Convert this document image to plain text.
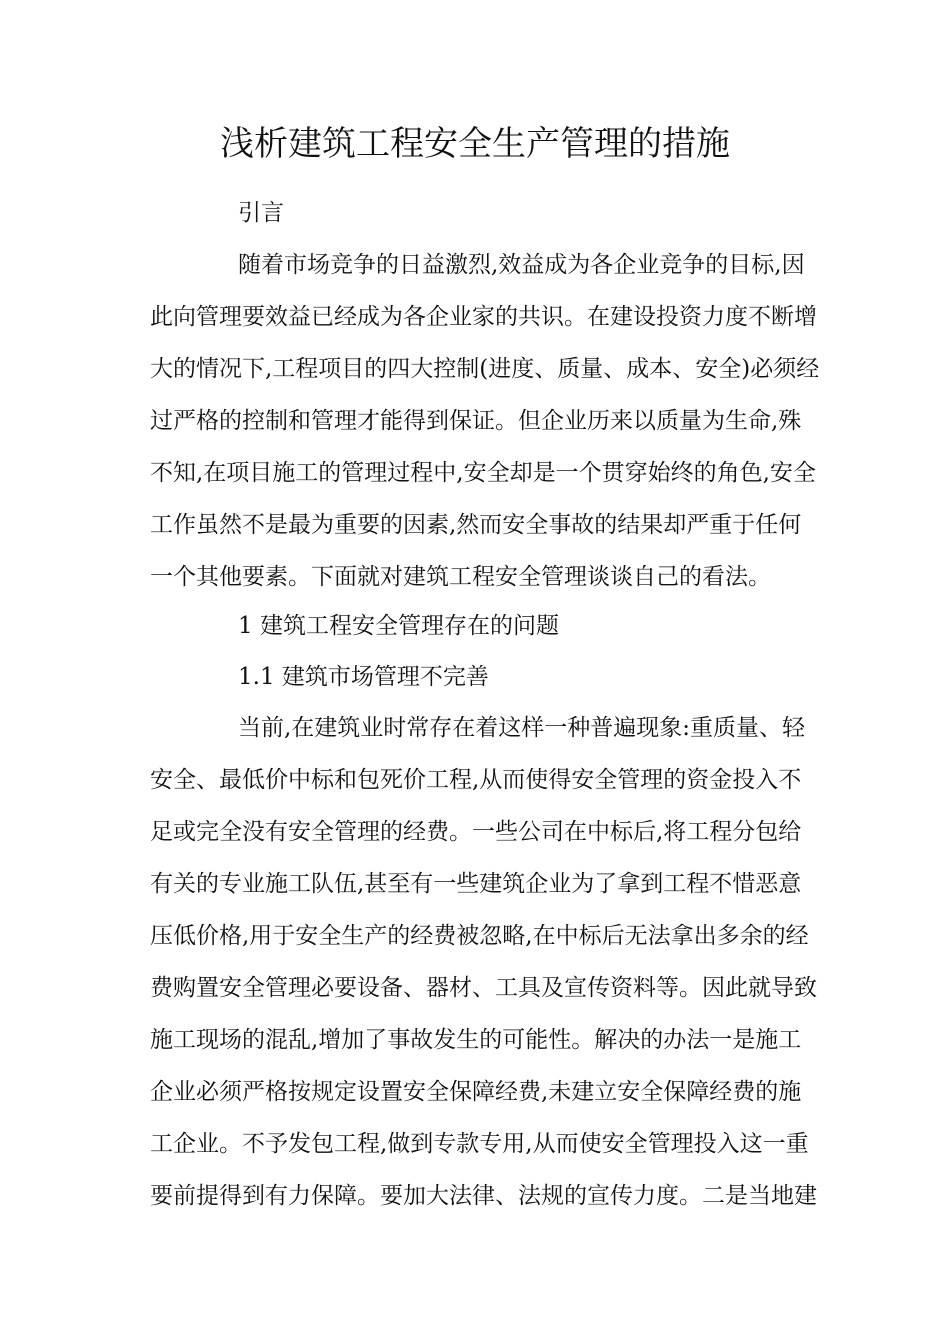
浅析建筑工程安全生产管理的措施
引言
随着市场竞争的日益激烈,效益成为各企业竞争的目标,因
此向管理要效益已经成为各企业家的共识。在建设投资力度不断增
大的情况下,工程项目的四大控制(进度、质量、成本、安全)必须经
过严格的控制和管理才能得到保证。但企业历来以质量为生命,殊
不知,在项目施工的管理过程中,安全却是一个贯穿始终的角色,安全
工作虽然不是最为重要的因素,然而安全事故的结果却严重于任何
一个其他要素。下面就对建筑工程安全管理谈谈自己的看法。
1 建筑工程安全管理存在的问题
1.1 建筑市场管理不完善
当前,在建筑业时常存在着这样一种普遍现象:重质量、轻
安全、最低价中标和包死价工程,从而使得安全管理的资金投入不
足或完全没有安全管理的经费。一些公司在中标后,将工程分包给
有关的专业施工队伍,甚至有一些建筑企业为了拿到工程不惜恶意
压低价格,用于安全生产的经费被忽略,在中标后无法拿出多余的经
费购置安全管理必要设备、器材、工具及宣传资料等。因此就导致
施工现场的混乱,增加了事故发生的可能性。解决的办法一是施工
企业必须严格按规定设置安全保障经费,未建立安全保障经费的施
工企业。不予发包工程,做到专款专用,从而使安全管理投入这一重
要前提得到有力保障。要加大法律、法规的宣传力度。二是当地建
